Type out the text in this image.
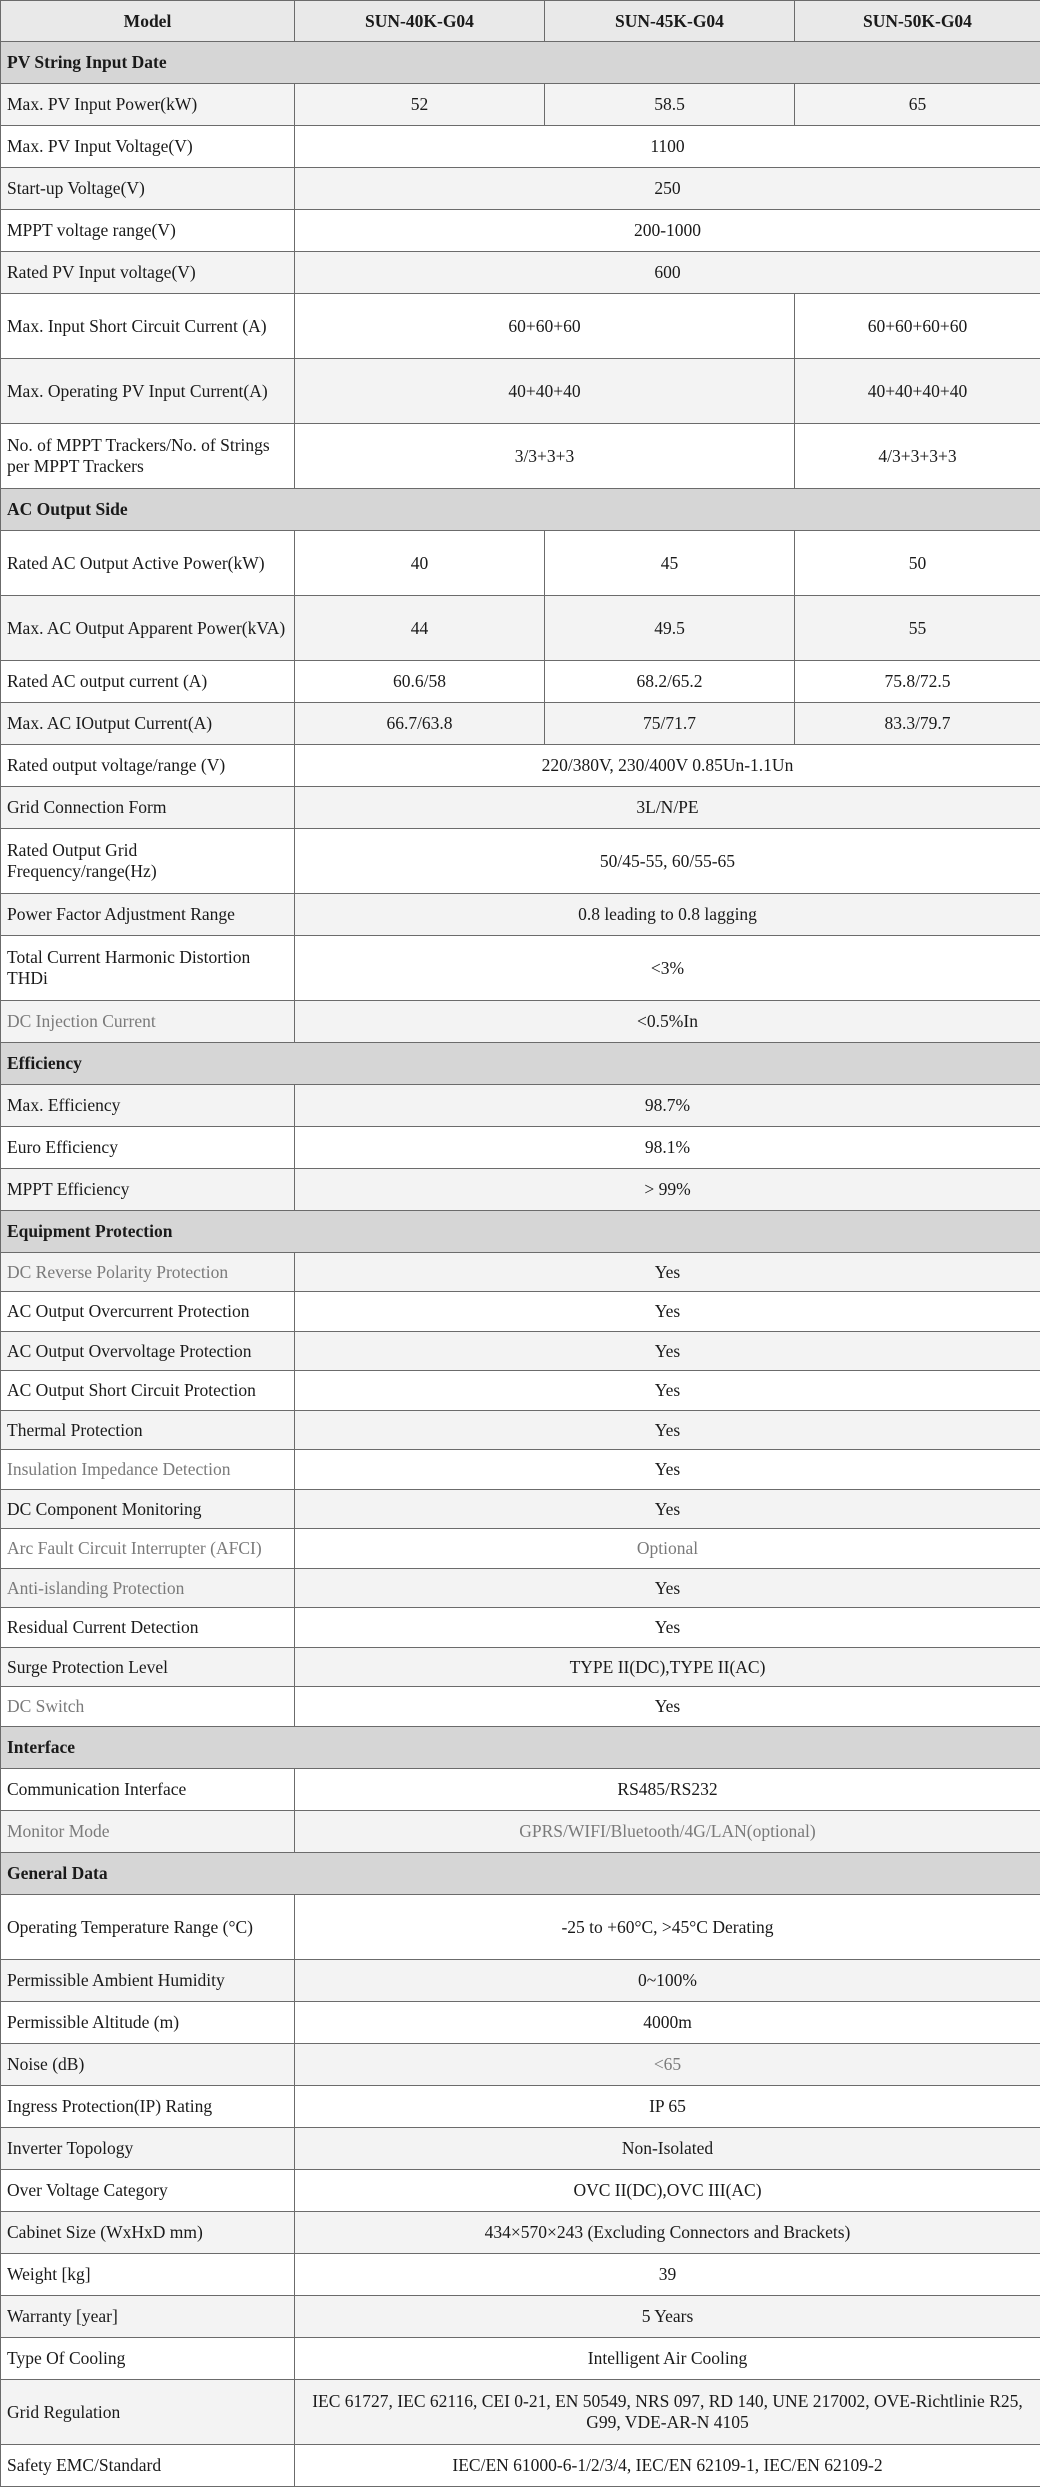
Model	SUN-40K-G04	SUN-45K-G04	SUN-50K-G04
PV String Input Date			
Max. PV Input Power(kW)	52	58.5	65
Max. PV Input Voltage(V)	1100		
Start-up Voltage(V)	250		
MPPT voltage range(V)	200-1000		
Rated PV Input voltage(V)	600		
Max. Input Short Circuit Current (A)	60+60+60		60+60+60+60
Max. Operating PV Input Current(A)	40+40+40		40+40+40+40
No. of MPPT Trackers/No. of Strings per MPPT Trackers	3/3+3+3		4/3+3+3+3
AC Output Side			
Rated AC Output Active Power(kW)	40	45	50
Max. AC Output Apparent Power(kVA)	44	49.5	55
Rated AC output current (A)	60.6/58	68.2/65.2	75.8/72.5
Max. AC IOutput Current(A)	66.7/63.8	75/71.7	83.3/79.7
Rated output voltage/range (V)	220/380V, 230/400V 0.85Un-1.1Un		
Grid Connection Form	3L/N/PE		
Rated Output Grid Frequency/range(Hz)	50/45-55, 60/55-65		
Power Factor Adjustment Range	0.8 leading to 0.8 lagging		
Total Current Harmonic Distortion THDi	<3%		
DC Injection Current	<0.5%In		
Efficiency			
Max. Efficiency	98.7%		
Euro Efficiency	98.1%		
MPPT Efficiency	> 99%		
Equipment Protection			
DC Reverse Polarity Protection	Yes		
AC Output Overcurrent Protection	Yes		
AC Output Overvoltage Protection	Yes		
AC Output Short Circuit Protection	Yes		
Thermal Protection	Yes		
Insulation Impedance Detection	Yes		
DC Component Monitoring	Yes		
Arc Fault Circuit Interrupter (AFCI)	Optional		
Anti-islanding Protection	Yes		
Residual Current Detection	Yes		
Surge Protection Level	TYPE II(DC),TYPE II(AC)		
DC Switch	Yes		
Interface			
Communication Interface	RS485/RS232		
Monitor Mode	GPRS/WIFI/Bluetooth/4G/LAN(optional)		
General Data			
Operating Temperature Range (°C)	-25 to +60°C, >45°C Derating		
Permissible Ambient Humidity	0~100%		
Permissible Altitude (m)	4000m		
Noise (dB)	<65		
Ingress Protection(IP) Rating	IP 65		
Inverter Topology	Non-Isolated		
Over Voltage Category	OVC II(DC),OVC III(AC)		
Cabinet Size (WxHxD mm)	434×570×243 (Excluding Connectors and Brackets)		
Weight [kg]	39		
Warranty [year]	5 Years		
Type Of Cooling	Intelligent Air Cooling		
Grid Regulation	IEC 61727, IEC 62116, CEI 0-21, EN 50549, NRS 097, RD 140, UNE 217002, OVE-Richtlinie R25, G99, VDE-AR-N 4105		
Safety EMC/Standard	IEC/EN 61000-6-1/2/3/4, IEC/EN 62109-1, IEC/EN 62109-2		
